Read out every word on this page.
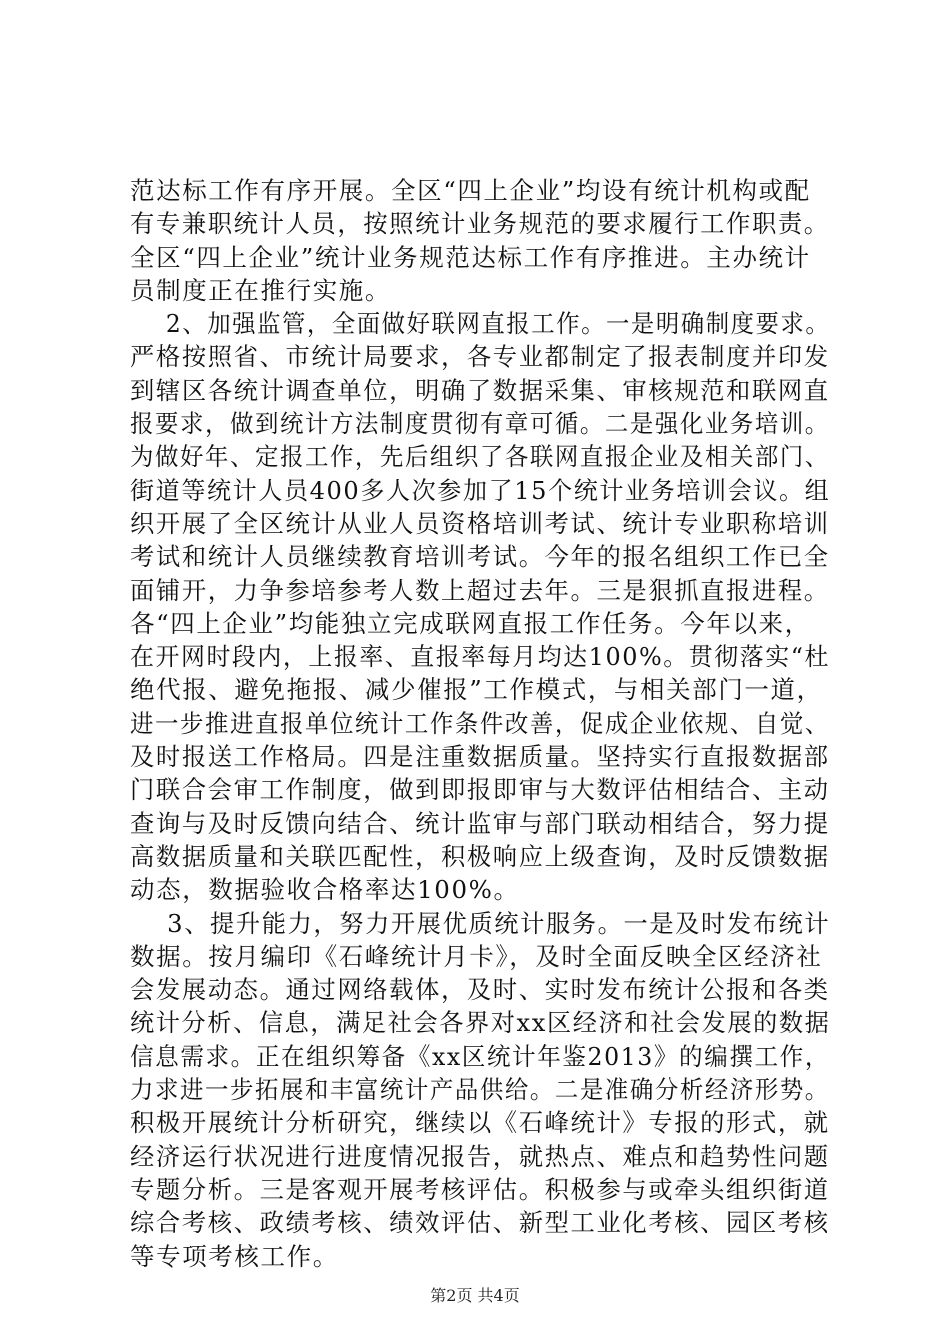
范达标工作有序开展。全区“四上企业”均设有统计机构或配
有专兼职统计人员，按照统计业务规范的要求履行工作职责。
全区“四上企业”统计业务规范达标工作有序推进。主办统计
员制度正在推行实施。
2、加强监管，全面做好联网直报工作。一是明确制度要求。
严格按照省、市统计局要求，各专业都制定了报表制度并印发
到辖区各统计调查单位，明确了数据采集、审核规范和联网直
报要求，做到统计方法制度贯彻有章可循。二是强化业务培训。
为做好年、定报工作，先后组织了各联网直报企业及相关部门、
街道等统计人员400多人次参加了15个统计业务培训会议。组
织开展了全区统计从业人员资格培训考试、统计专业职称培训
考试和统计人员继续教育培训考试。今年的报名组织工作已全
面铺开，力争参培参考人数上超过去年。三是狠抓直报进程。
各“四上企业”均能独立完成联网直报工作任务。今年以来，
在开网时段内，上报率、直报率每月均达100%。贯彻落实“杜
绝代报、避免拖报、减少催报”工作模式，与相关部门一道，
进一步推进直报单位统计工作条件改善，促成企业依规、自觉、
及时报送工作格局。四是注重数据质量。坚持实行直报数据部
门联合会审工作制度，做到即报即审与大数评估相结合、主动
查询与及时反馈向结合、统计监审与部门联动相结合，努力提
高数据质量和关联匹配性，积极响应上级查询，及时反馈数据
动态，数据验收合格率达100%。
3、提升能力，努力开展优质统计服务。一是及时发布统计
数据。按月编印《石峰统计月卡》，及时全面反映全区经济社
会发展动态。通过网络载体，及时、实时发布统计公报和各类
统计分析、信息，满足社会各界对xx区经济和社会发展的数据
信息需求。正在组织筹备《xx区统计年鉴2013》的编撰工作，
力求进一步拓展和丰富统计产品供给。二是准确分析经济形势。
积极开展统计分析研究，继续以《石峰统计》专报的形式，就
经济运行状况进行进度情况报告，就热点、难点和趋势性问题
专题分析。三是客观开展考核评估。积极参与或牵头组织街道
综合考核、政绩考核、绩效评估、新型工业化考核、园区考核
等专项考核工作。
第2页 共4页
